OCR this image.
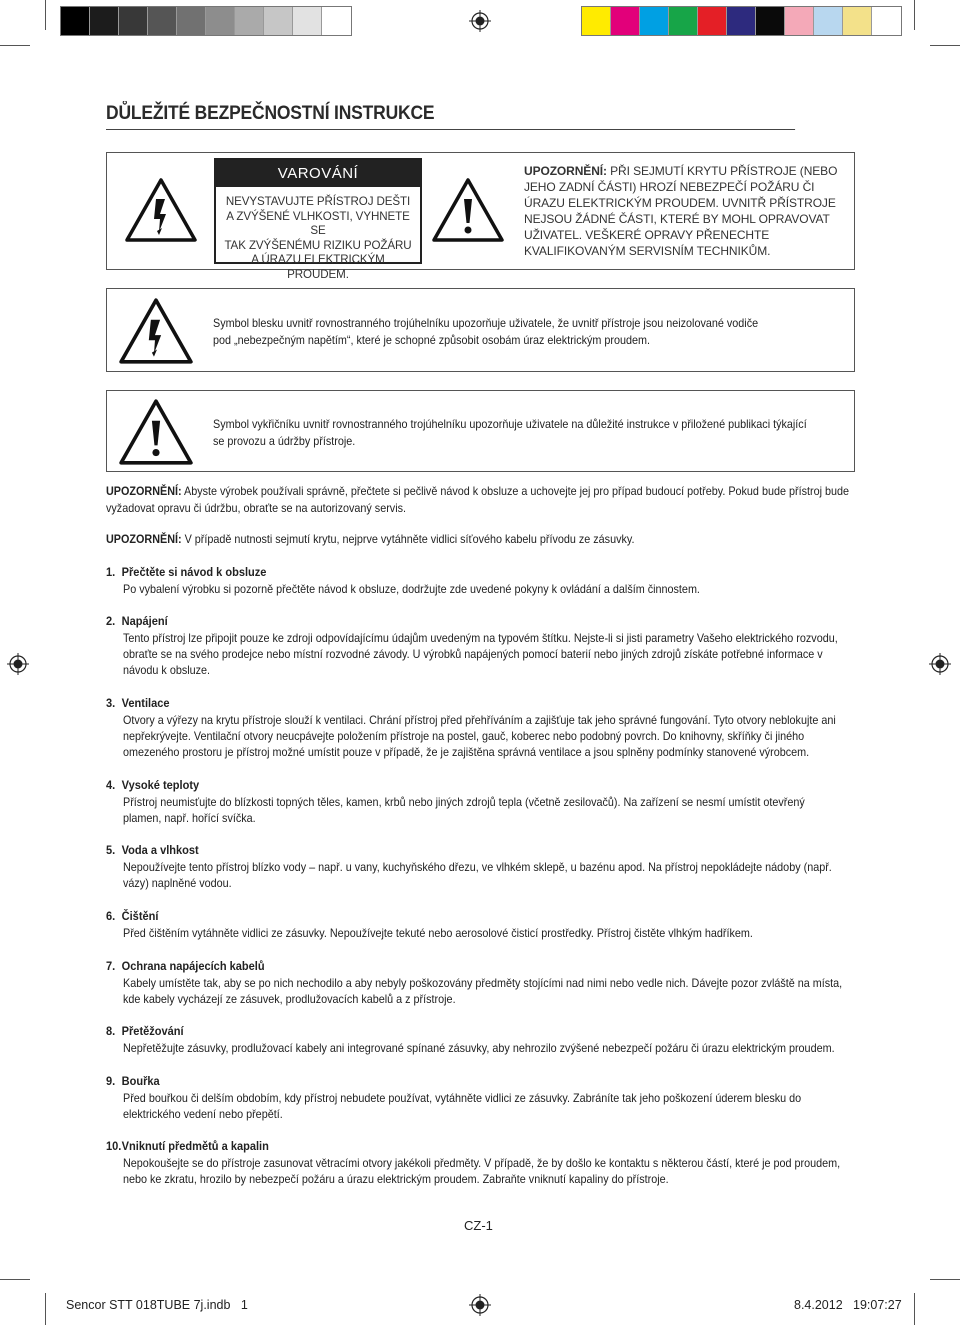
DŮLEŽITÉ BEZPEČNOSTNÍ INSTRUKCE
VAROVÁNÍ
NEVYSTAVUJTE PŘÍSTROJ DEŠTI
A ZVÝŠENÉ VLHKOSTI, VYHNETE SE
TAK ZVÝŠENÉMU RIZIKU POŽÁRU
A ÚRAZU ELEKTRICKÝM PROUDEM.
UPOZORNĚNÍ: PŘI SEJMUTÍ KRYTU PŘÍSTROJE (NEBO JEHO ZADNÍ ČÁSTI) HROZÍ NEBEZPEČÍ POŽÁRU ČI ÚRAZU ELEKTRICKÝM PROUDEM. UVNITŘ PŘÍSTROJE NEJSOU ŽÁDNÉ ČÁSTI, KTERÉ BY MOHL OPRAVOVAT UŽIVATEL. VEŠKERÉ OPRAVY PŘENECHTE KVALIFIKOVANÝM SERVISNÍM TECHNIKŮM.
Symbol blesku uvnitř rovnostranného trojúhelníku upozorňuje uživatele, že uvnitř přístroje jsou neizolované vodiče pod „nebezpečným napětím“, které je schopné způsobit osobám úraz elektrickým proudem.
Symbol vykřičníku uvnitř rovnostranného trojúhelníku upozorňuje uživatele na důležité instrukce v přiložené publikaci týkající se provozu a údržby přístroje.
UPOZORNĚNÍ: Abyste výrobek používali správně, přečtete si pečlivě návod k obsluze a uchovejte jej pro případ budoucí potřeby. Pokud bude přístroj bude vyžadovat opravu či údržbu, obraťte se na autorizovaný servis.
UPOZORNĚNÍ: V případě nutnosti sejmutí krytu, nejprve vytáhněte vidlici síťového kabelu přívodu ze zásuvky.
1. Přečtěte si návod k obsluze
Po vybalení výrobku si pozorně přečtěte návod k obsluze, dodržujte zde uvedené pokyny k ovládání a dalším činnostem.
2. Napájení
Tento přístroj lze připojit pouze ke zdroji odpovídajícímu údajům uvedeným na typovém štítku. Nejste-li si jisti parametry Vašeho elektrického rozvodu, obraťte se na svého prodejce nebo místní rozvodné závody. U výrobků napájených pomocí baterií nebo jiných zdrojů získáte potřebné informace v návodu k obsluze.
3. Ventilace
Otvory a výřezy na krytu přístroje slouží k ventilaci. Chrání přístroj před přehříváním a zajišťuje tak jeho správné fungování. Tyto otvory neblokujte ani nepřekrývejte. Ventilační otvory neucpávejte položením přístroje na postel, gauč, koberec nebo podobný povrch. Do knihovny, skříňky či jiného omezeného prostoru je přístroj možné umístit pouze v případě, že je zajištěna správná ventilace a jsou splněny podmínky stanovené výrobcem.
4. Vysoké teploty
Přístroj neumisťujte do blízkosti topných těles, kamen, krbů nebo jiných zdrojů tepla (včetně zesilovačů). Na zařízení se nesmí umístit otevřený plamen, např. hořící svíčka.
5. Voda a vlhkost
Nepoužívejte tento přístroj blízko vody – např. u vany, kuchyňského dřezu, ve vlhkém sklepě, u bazénu apod. Na přístroj nepokládejte nádoby (např. vázy) naplněné vodou.
6. Čištění
Před čištěním vytáhněte vidlici ze zásuvky. Nepoužívejte tekuté nebo aerosolové čisticí prostředky. Přístroj čistěte vlhkým hadříkem.
7. Ochrana napájecích kabelů
Kabely umístěte tak, aby se po nich nechodilo a aby nebyly poškozovány předměty stojícími nad nimi nebo vedle nich. Dávejte pozor zvláště na místa, kde kabely vycházejí ze zásuvek, prodlužovacích kabelů a z přístroje.
8. Přetěžování
Nepřetěžujte zásuvky, prodlužovací kabely ani integrované spínané zásuvky, aby nehrozilo zvýšené nebezpečí požáru či úrazu elektrickým proudem.
9. Bouřka
Před bouřkou či delším obdobím, kdy přístroj nebudete používat, vytáhněte vidlici ze zásuvky. Zabráníte tak jeho poškození úderem blesku do elektrického vedení nebo přepětí.
10.Vniknutí předmětů a kapalin
Nepokoušejte se do přístroje zasunovat větracími otvory jakékoli předměty. V případě, že by došlo ke kontaktu s některou částí, které je pod proudem, nebo ke zkratu, hrozilo by nebezpečí požáru a úrazu elektrickým proudem. Zabraňte vniknutí kapaliny do přístroje.
CZ-1
Sencor STT 018TUBE 7j.indb   1	8.4.2012 19:07:27
